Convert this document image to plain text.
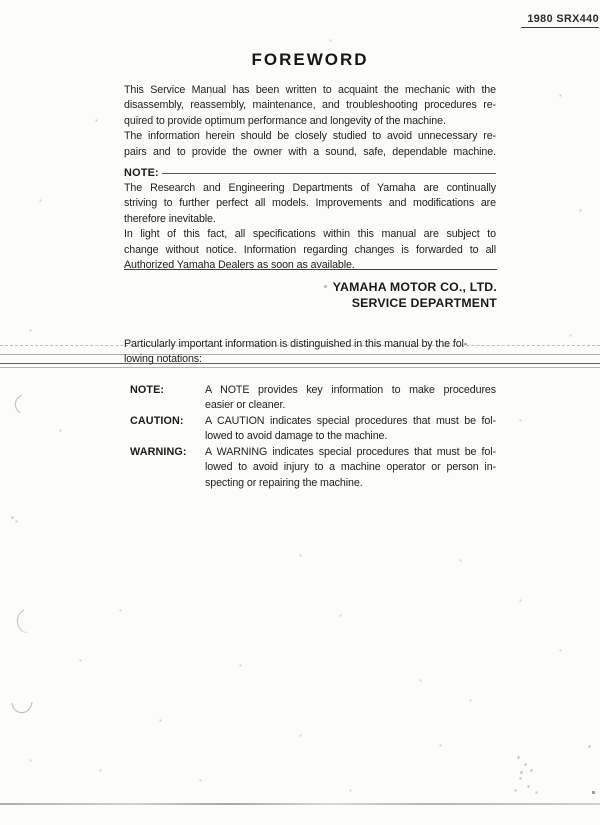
1980 SRX440
FOREWORD
This Service Manual has been written to acquaint the mechanic with the
disassembly, reassembly, maintenance, and troubleshooting procedures re-
quired to provide optimum performance and longevity of the machine.
The information herein should be closely studied to avoid unnecessary re-
pairs and to provide the owner with a sound, safe, dependable machine.
NOTE:
The Research and Engineering Departments of Yamaha are continually
striving to further perfect all models. Improvements and modifications are
therefore inevitable.
In light of this fact, all specifications within this manual are subject to
change without notice. Information regarding changes is forwarded to all
Authorized Yamaha Dealers as soon as available.
YAMAHA MOTOR CO., LTD.
SERVICE DEPARTMENT
Particularly important information is distinguished in this manual by the fol-
lowing notations:
NOTE:	A NOTE provides key information to make procedures
easier or cleaner.
CAUTION:	A CAUTION indicates special procedures that must be fol-
lowed to avoid damage to the machine.
WARNING:	A WARNING indicates special procedures that must be fol-
lowed to avoid injury to a machine operator or person in-
specting or repairing the machine.
